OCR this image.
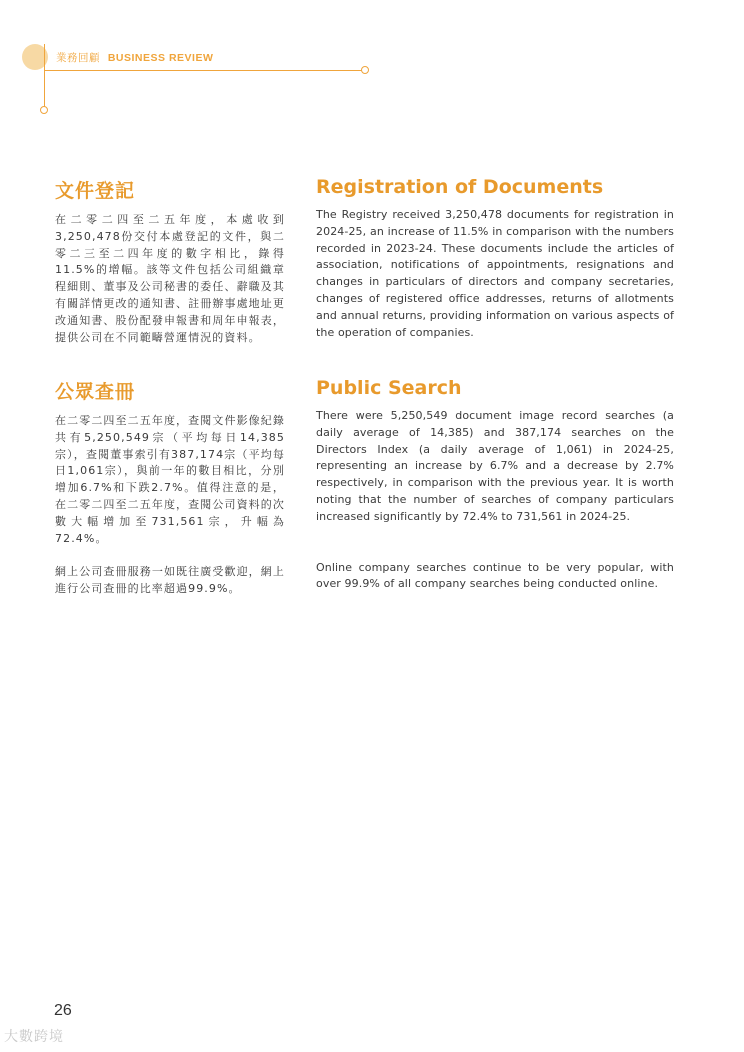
業務回顧 BUSINESS REVIEW
文件登記

在二零二四至二五年度，本處收到3,250,478份交付本處登記的文件，與二零二三至二四年度的數字相比，錄得11.5%的增幅。該等文件包括公司組織章程細則、董事及公司秘書的委任、辭職及其有關詳情更改的通知書、註冊辦事處地址更改通知書、股份配發申報書和周年申報表，提供公司在不同範疇營運情況的資料。

Registration of Documents

The Registry received 3,250,478 documents for registration in 2024-25, an increase of 11.5% in comparison with the numbers recorded in 2023-24. These documents include the articles of association, notifications of appointments, resignations and changes in particulars of directors and company secretaries, changes of registered office addresses, returns of allotments and annual returns, providing information on various aspects of the operation of companies.

公眾查冊

在二零二四至二五年度，查閱文件影像紀錄共有5,250,549宗（平均每日14,385宗），查閱董事索引有387,174宗（平均每日1,061宗），與前一年的數目相比，分別增加6.7%和下跌2.7%。值得注意的是，在二零二四至二五年度，查閱公司資料的次數大幅增加至731,561宗，升幅為72.4%。

網上公司查冊服務一如既往廣受歡迎，網上進行公司查冊的比率超過99.9%。

Public Search

There were 5,250,549 document image record searches (a daily average of 14,385) and 387,174 searches on the Directors Index (a daily average of 1,061) in 2024-25, representing an increase by 6.7% and a decrease by 2.7% respectively, in comparison with the previous year. It is worth noting that the number of searches of company particulars increased significantly by 72.4% to 731,561 in 2024-25.

Online company searches continue to be very popular, with over 99.9% of all company searches being conducted online.

26
大數跨境
